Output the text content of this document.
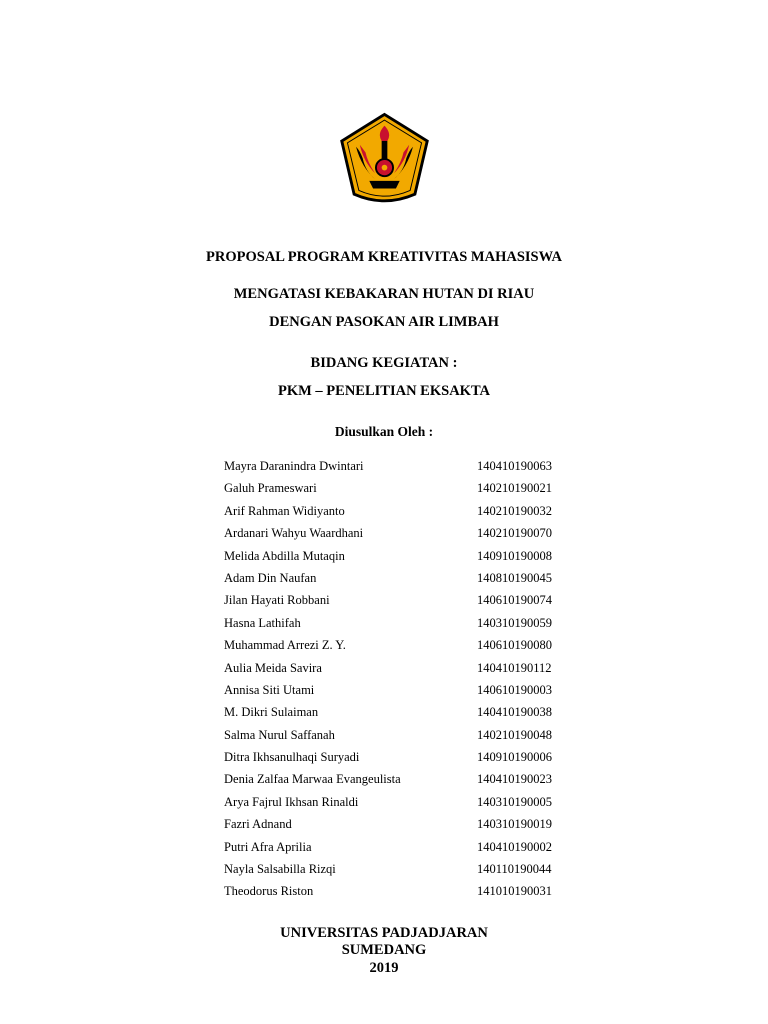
PROPOSAL PROGRAM KREATIVITAS MAHASISWA
MENGATASI KEBAKARAN HUTAN DI RIAU
DENGAN PASOKAN AIR LIMBAH
BIDANG KEGIATAN :
PKM – PENELITIAN EKSAKTA
Diusulkan Oleh :
Mayra Daranindra Dwintari	140410190063
Galuh Prameswari	140210190021
Arif Rahman Widiyanto	140210190032
Ardanari Wahyu Waardhani	140210190070
Melida Abdilla Mutaqin	140910190008
Adam Din Naufan	140810190045
Jilan Hayati Robbani	140610190074
Hasna Lathifah	140310190059
Muhammad Arrezi Z. Y.	140610190080
Aulia Meida Savira	140410190112
Annisa Siti Utami	140610190003
M. Dikri Sulaiman	140410190038
Salma Nurul Saffanah	140210190048
Ditra Ikhsanulhaqi Suryadi	140910190006
Denia Zalfaa Marwaa Evangeulista	140410190023
Arya Fajrul Ikhsan Rinaldi	140310190005
Fazri Adnand	140310190019
Putri Afra Aprilia	140410190002
Nayla Salsabilla Rizqi	140110190044
Theodorus Riston	141010190031
UNIVERSITAS PADJADJARAN
SUMEDANG
2019
